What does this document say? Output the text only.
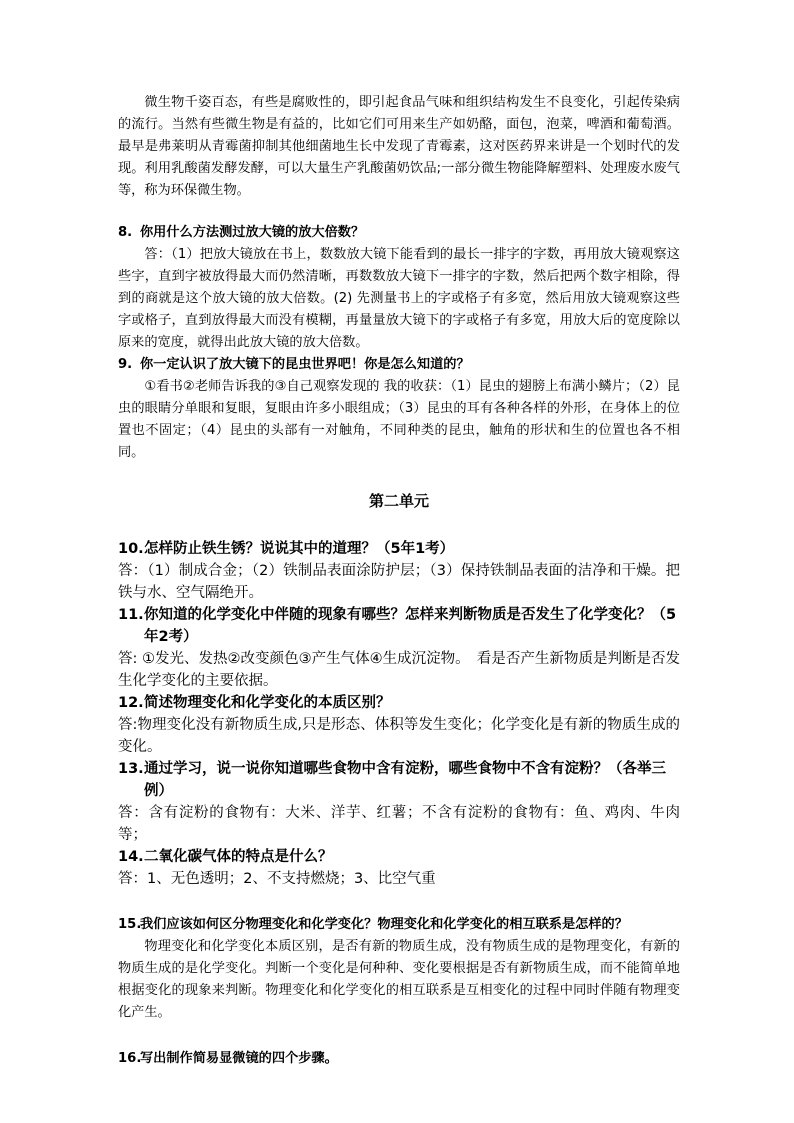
微生物千姿百态，有些是腐败性的，即引起食品气味和组织结构发生不良变化，引起传染病的流行。当然有些微生物是有益的，比如它们可用来生产如奶酪，面包，泡菜，啤酒和葡萄酒。最早是弗莱明从青霉菌抑制其他细菌地生长中发现了青霉素，这对医药界来讲是一个划时代的发现。利用乳酸菌发酵发酵，可以大量生产乳酸菌奶饮品;一部分微生物能降解塑料、处理废水废气等，称为环保微生物。

8. 你用什么方法测过放大镜的放大倍数？

答：（1）把放大镜放在书上，数数放大镜下能看到的最长一排字的字数，再用放大镜观察这些字，直到字被放得最大而仍然清晰，再数数放大镜下一排字的字数，然后把两个数字相除，得到的商就是这个放大镜的放大倍数。(2) 先测量书上的字或格子有多宽，然后用放大镜观察这些字或格子，直到放得最大而没有模糊，再量量放大镜下的字或格子有多宽，用放大后的宽度除以原来的宽度，就得出此放大镜的放大倍数。

9. 你一定认识了放大镜下的昆虫世界吧！你是怎么知道的？

①看书②老师告诉我的③自己观察发现的 我的收获：（1）昆虫的翅膀上布满小鳞片；（2）昆虫的眼睛分单眼和复眼，复眼由许多小眼组成；（3）昆虫的耳有各种各样的外形，在身体上的位置也不固定；（4）昆虫的头部有一对触角，不同种类的昆虫，触角的形状和生的位置也各不相同。

第二单元

10. 怎样防止铁生锈？说说其中的道理？（5年1考）

答：（1）制成合金；（2）铁制品表面涂防护层；（3）保持铁制品表面的洁净和干燥。把铁与水、空气隔绝开。

11. 你知道的化学变化中伴随的现象有哪些？怎样来判断物质是否发生了化学变化？（5年2考）

答: ①发光、发热②改变颜色③产生气体④生成沉淀物。　看是否产生新物质是判断是否发生化学变化的主要依据。

12. 简述物理变化和化学变化的本质区别？

答:物理变化没有新物质生成,只是形态、体积等发生变化；化学变化是有新的物质生成的变化。

13. 通过学习，说一说你知道哪些食物中含有淀粉，哪些食物中不含有淀粉？（各举三例）

答：含有淀粉的食物有：大米、洋芋、红薯；不含有淀粉的食物有：鱼、鸡肉、牛肉等；

14. 二氧化碳气体的特点是什么？

答：1、无色透明；2、不支持燃烧；3、比空气重

15.
我们应该如何区分物理变化和化学变化？物理变化和化学变化的相互联系是怎样的？

物理变化和化学变化本质区别，是否有新的物质生成，没有物质生成的是物理变化，有新的物质生成的是化学变化。判断一个变化是何种种、变化要根据是否有新物质生成，而不能简单地根据变化的现象来判断。物理变化和化学变化的相互联系是互相变化的过程中同时伴随有物理变化产生。

16.
写出制作简易显微镜的四个步骤。
